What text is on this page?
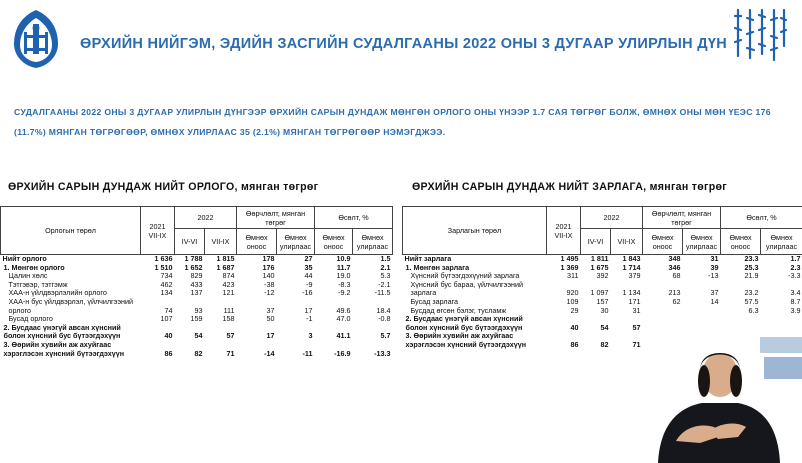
ӨРХИЙН НИЙГЭМ, ЭДИЙН ЗАСГИЙН СУДАЛГААНЫ 2022 ОНЫ 3 ДУГААР УЛИРЛЫН ДҮН
СУДАЛГААНЫ 2022 ОНЫ 3 ДУГААР УЛИРЛЫН ДҮНГЭЭР ӨРХИЙН САРЫН ДУНДАЖ МӨНГӨН ОРЛОГО ОНЫ ҮНЭЭР 1.7 САЯ ТӨГРӨГ БОЛЖ, ӨМНӨХ ОНЫ МӨН ҮЕЭС 176 (11.7%) МЯНГАН ТӨГРӨГӨӨР, ӨМНӨХ УЛИРЛААС 35 (2.1%) МЯНГАН ТӨГРӨГӨӨР НЭМЭГДЖЭЭ.
ӨРХИЙН САРЫН ДУНДАЖ НИЙТ ОРЛОГО, мянган төгрөг	ӨРХИЙН САРЫН ДУНДАЖ НИЙТ ЗАРЛАГА, мянган төгрөг
Орлогын төрөл	2021 VII-IX	2022		Өөрчлөлт, мянган төгрөг		Өсөлт, %	
		IV-VI	VII-IX	Өмнөх оноос	Өмнөх улирлаас	Өмнөх оноос	Өмнөх улирлаас
Нийт орлого	1 636	1 788	1 815	178	27	10.9	1.5
1. Мөнгөн орлого	1 510	1 652	1 687	176	35	11.7	2.1
Цалин хөлс	734	829	874	140	44	19.0	5.3
Тэтгэвэр, тэтгэмж	462	433	423	-38	-9	-8.3	-2.1
ХАА-н үйлдвэрлэлийн орлого	134	137	121	-12	-16	-9.2	-11.5
ХАА-н бус үйлдвэрлэл, үйлчилгээний орлого	74	93	111	37	17	49.6	18.4
Бусад орлого	107	159	158	50	-1	47.0	-0.8
2. Бусдаас үнэгүй авсан хүнсний болон хүнсний бус бүтээгдэхүүн	40	54	57	17	3	41.1	5.7
3. Өөрийн хувийн аж ахуйгаас хэрэглэсэн хүнсний бүтээгдэхүүн	86	82	71	-14	-11	-16.9	-13.3
Зарлагын төрөл	2021 VII-IX	2022		Өөрчлөлт, мянган төгрөг		Өсөлт, %	
		IV-VI	VII-IX	Өмнөх оноос	Өмнөх улирлаас	Өмнөх оноос	Өмнөх улирлаас
Нийт зарлага	1 495	1 811	1 843	348	31	23.3	1.7
1. Мөнгөн зарлага	1 369	1 675	1 714	346	39	25.3	2.3
Хүнсний бүтээгдэхүүний зарлага	311	392	379	68	-13	21.9	-3.3
Хүнсний бус бараа, үйлчилгээний зарлага	920	1 097	1 134	213	37	23.2	3.4
Бусад зарлага	109	157	171	62	14	57.5	8.7
Бусдад өгсөн бэлэг, тусламж	29	30	31			6.3	3.9
2. Бусдаас үнэгүй авсан хүнсний болон хүнсний бус бүтээгдэхүүн	40	54	57				
3. Өөрийн хувийн аж ахуйгаас хэрэглэсэн хүнсний бүтээгдэхүүн	86	82	71				
